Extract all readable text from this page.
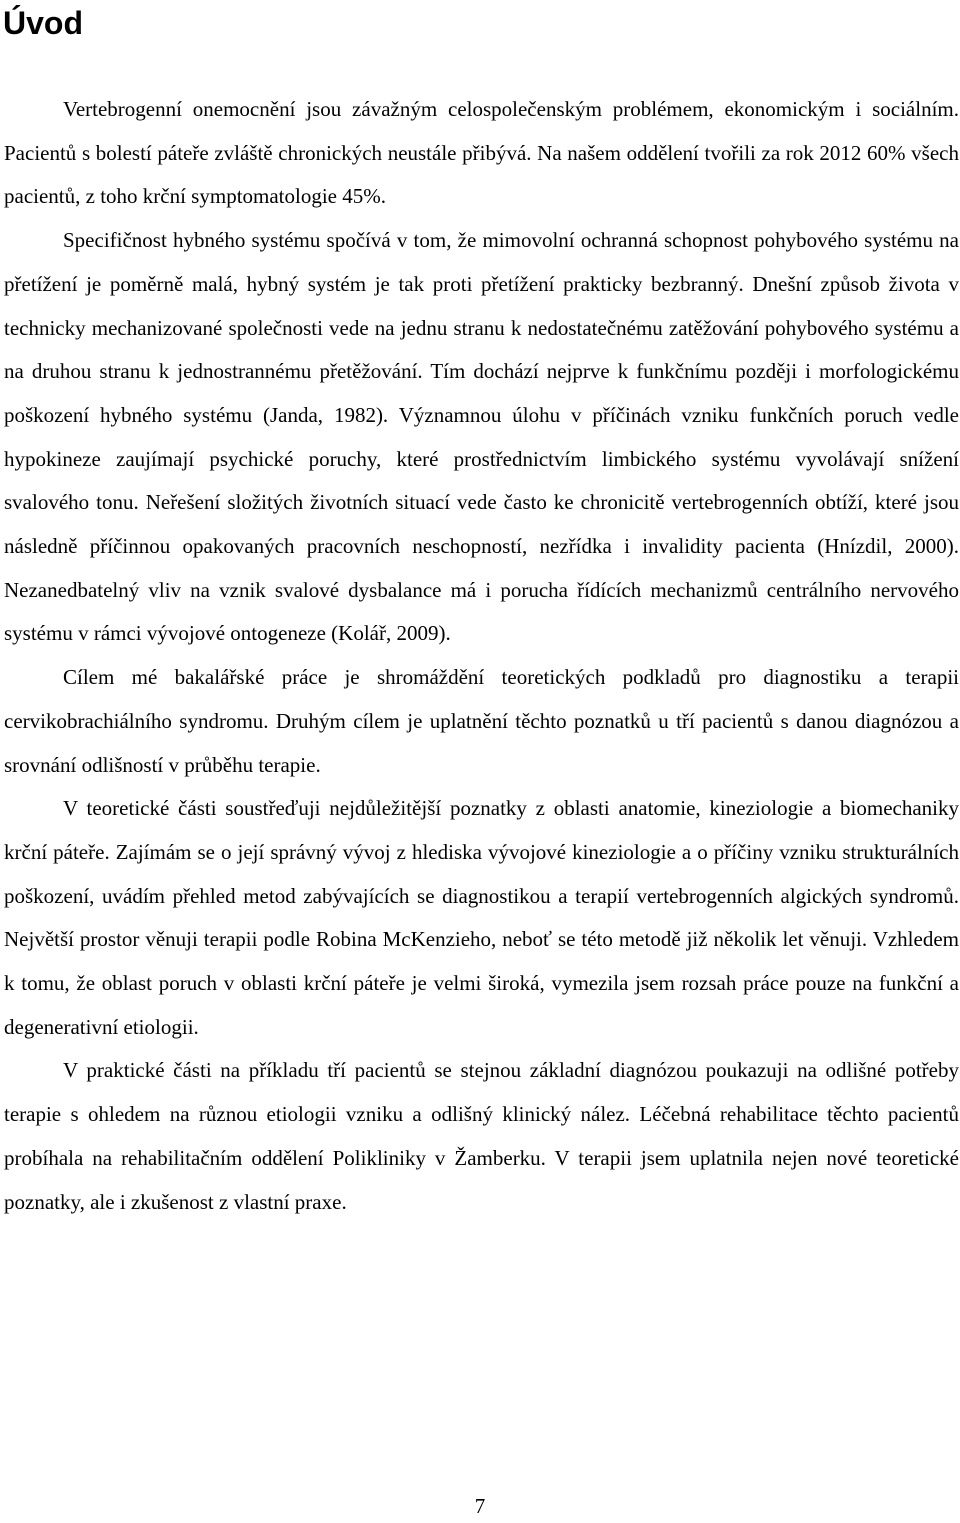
Úvod

Vertebrogenní onemocnění jsou závažným celospolečenským problémem, ekonomickým i sociálním. Pacientů s bolestí páteře zvláště chronických neustále přibývá. Na našem oddělení tvořili za rok 2012 60% všech pacientů, z toho krční symptomatologie 45%.

Specifičnost hybného systému spočívá v tom, že mimovolní ochranná schopnost pohybového systému na přetížení je poměrně malá, hybný systém je tak proti přetížení prakticky bezbranný. Dnešní způsob života v technicky mechanizované společnosti vede na jednu stranu k nedostatečnému zatěžování pohybového systému a na druhou stranu k jednostrannému přetěžování. Tím dochází nejprve k funkčnímu později i morfologickému poškození hybného systému (Janda, 1982). Významnou úlohu v příčinách vzniku funkčních poruch vedle hypokineze zaujímají psychické poruchy, které prostřednictvím limbického systému vyvolávají snížení svalového tonu. Neřešení složitých životních situací vede často ke chronicitě vertebrogenních obtíží, které jsou následně příčinnou opakovaných pracovních neschopností, nezřídka i invalidity pacienta (Hnízdil, 2000). Nezanedbatelný vliv na vznik svalové dysbalance má i porucha řídících mechanizmů centrálního nervového systému v rámci vývojové ontogeneze (Kolář, 2009).

Cílem mé bakalářské práce je shromáždění teoretických podkladů pro diagnostiku a terapii cervikobrachiálního syndromu. Druhým cílem je uplatnění těchto poznatků u tří pacientů s danou diagnózou a srovnání odlišností v průběhu terapie.

V teoretické části soustřeďuji nejdůležitější poznatky z oblasti anatomie, kineziologie a biomechaniky krční páteře. Zajímám se o její správný vývoj z hlediska vývojové kineziologie a o příčiny vzniku strukturálních poškození, uvádím přehled metod zabývajících se diagnostikou a terapií vertebrogenních algických syndromů. Největší prostor věnuji terapii podle Robina McKenzieho, neboť se této metodě již několik let věnuji. Vzhledem k tomu, že oblast poruch v oblasti krční páteře je velmi široká, vymezila jsem rozsah práce pouze na funkční a degenerativní etiologii.

V praktické části na příkladu tří pacientů se stejnou základní diagnózou poukazuji na odlišné potřeby terapie s ohledem na různou etiologii vzniku a odlišný klinický nález. Léčebná rehabilitace těchto pacientů probíhala na rehabilitačním oddělení Polikliniky v Žamberku. V terapii jsem uplatnila nejen nové teoretické poznatky, ale i zkušenost z vlastní praxe.

7
